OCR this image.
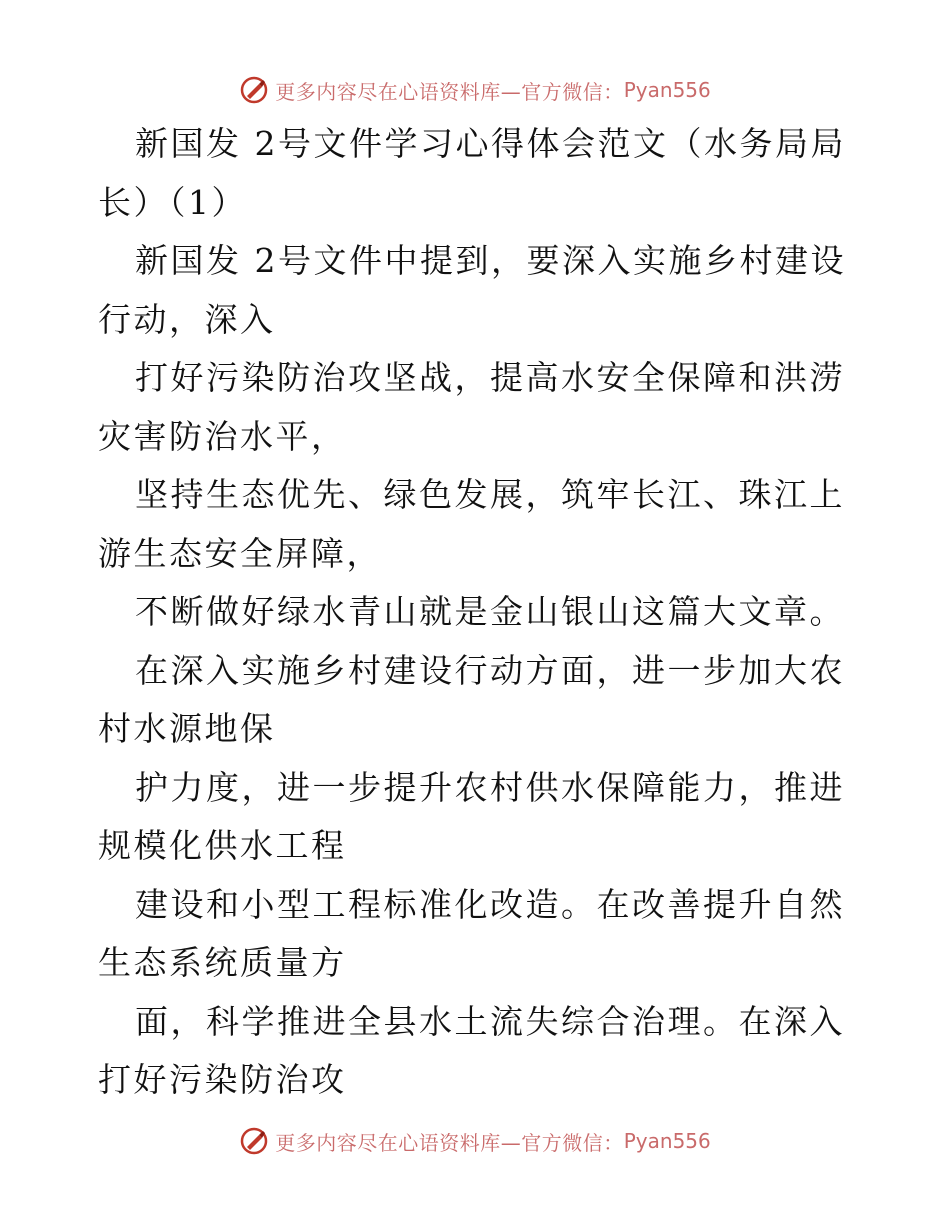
更多内容尽在心语资料库—官方微信： Pyan556

新国发 2号文件学习心得体会范文（水务局局长）（1）

新国发 2号文件中提到，要深入实施乡村建设行动，深入

打好污染防治攻坚战，提高水安全保障和洪涝灾害防治水平，

坚持生态优先、绿色发展，筑牢长江、珠江上游生态安全屏障，

不断做好绿水青山就是金山银山这篇大文章。

在深入实施乡村建设行动方面，进一步加大农村水源地保

护力度，进一步提升农村供水保障能力，推进规模化供水工程

建设和小型工程标准化改造。在改善提升自然生态系统质量方

面，科学推进全县水土流失综合治理。在深入打好污染防治攻

更多内容尽在心语资料库—官方微信： Pyan556
